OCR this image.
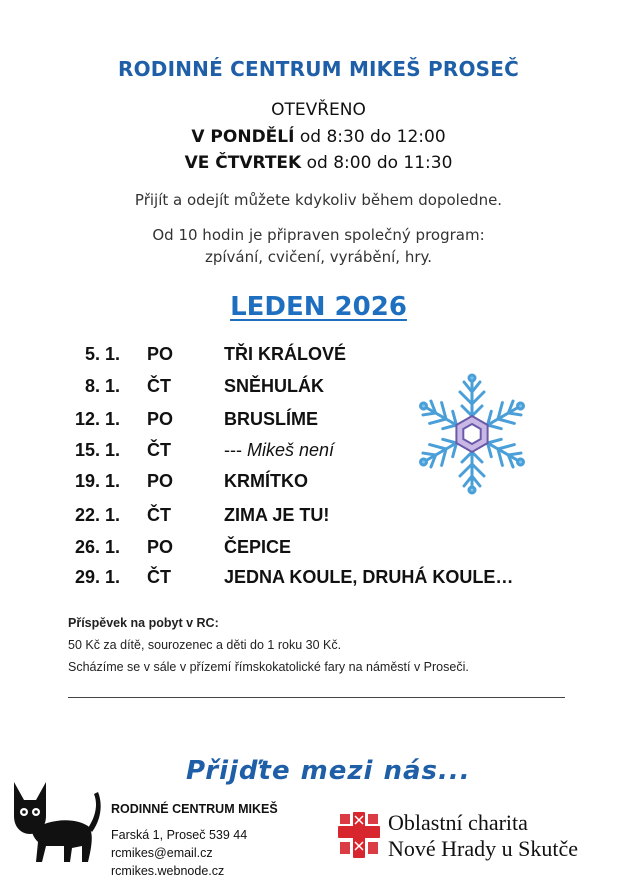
RODINNÉ CENTRUM MIKEŠ PROSEČ
OTEVŘENO
V PONDĚLÍ od 8:30 do 12:00
VE ČTVRTEK od 8:00 do 11:30
Přijít a odejít můžete kdykoliv během dopoledne.
Od 10 hodin je připraven společný program:
zpívání, cvičení, vyrábění, hry.
LEDEN 2026
5. 1. PO	TŘI KRÁLOVÉ
8. 1. ČT	SNĚHULÁK
12. 1. PO	BRUSLÍME
15. 1. ČT	--- Mikeš není
19. 1. PO	KRMÍTKO
22. 1. ČT	ZIMA JE TU!
26. 1. PO	ČEPICE
29. 1. ČT	JEDNA KOULE, DRUHÁ KOULE…
Příspěvek na pobyt v RC:
50 Kč za dítě, sourozenec a děti do 1 roku 30 Kč.
Scházíme se v sále v přízemí římskokatolické fary na náměstí v Proseči.
Přijďte mezi nás...
RODINNÉ CENTRUM MIKEŠ
Farská 1, Proseč 539 44
rcmikes@email.cz
rcmikes.webnode.cz
Oblastní charita
Nové Hrady u Skutče
